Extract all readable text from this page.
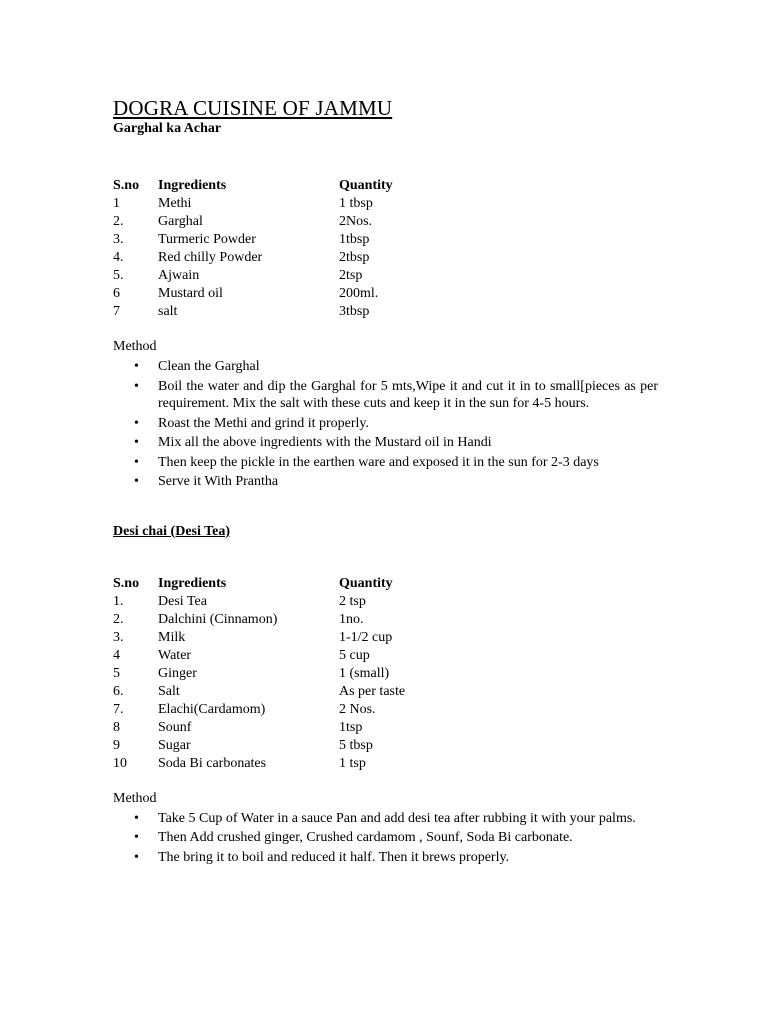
DOGRA CUISINE OF JAMMU

Garghal ka Achar

S.no	Ingredients	Quantity
1	Methi	1 tbsp
2.	Garghal	2Nos.
3.	Turmeric Powder	1tbsp
4.	Red chilly Powder	2tbsp
5.	Ajwain	2tsp
6	Mustard oil	200ml.
7	salt	3tbsp

Method

• Clean the Garghal
• Boil the water and dip the Garghal for 5 mts,Wipe it and cut it in to small[pieces as per requirement. Mix the salt with these cuts and keep it in the sun for 4-5 hours.
• Roast the Methi and grind it properly.
• Mix all the above ingredients with the Mustard oil in Handi
• Then keep the pickle in the earthen ware and exposed it in the sun for 2-3 days
• Serve it With Prantha

Desi chai (Desi Tea)

S.no	Ingredients	Quantity
1.	Desi Tea	2 tsp
2.	Dalchini (Cinnamon)	1no.
3.	Milk	1-1/2 cup
4	Water	5 cup
5	Ginger	1 (small)
6.	Salt	As per taste
7.	Elachi(Cardamom)	2 Nos.
8	Sounf	1tsp
9	Sugar	5 tbsp
10	Soda Bi carbonates	1 tsp

Method

• Take 5 Cup of Water in a sauce Pan and add desi tea after rubbing it with your palms.
• Then Add crushed ginger, Crushed cardamom , Sounf, Soda Bi carbonate.
• The bring it to boil and reduced it half. Then it brews properly.
